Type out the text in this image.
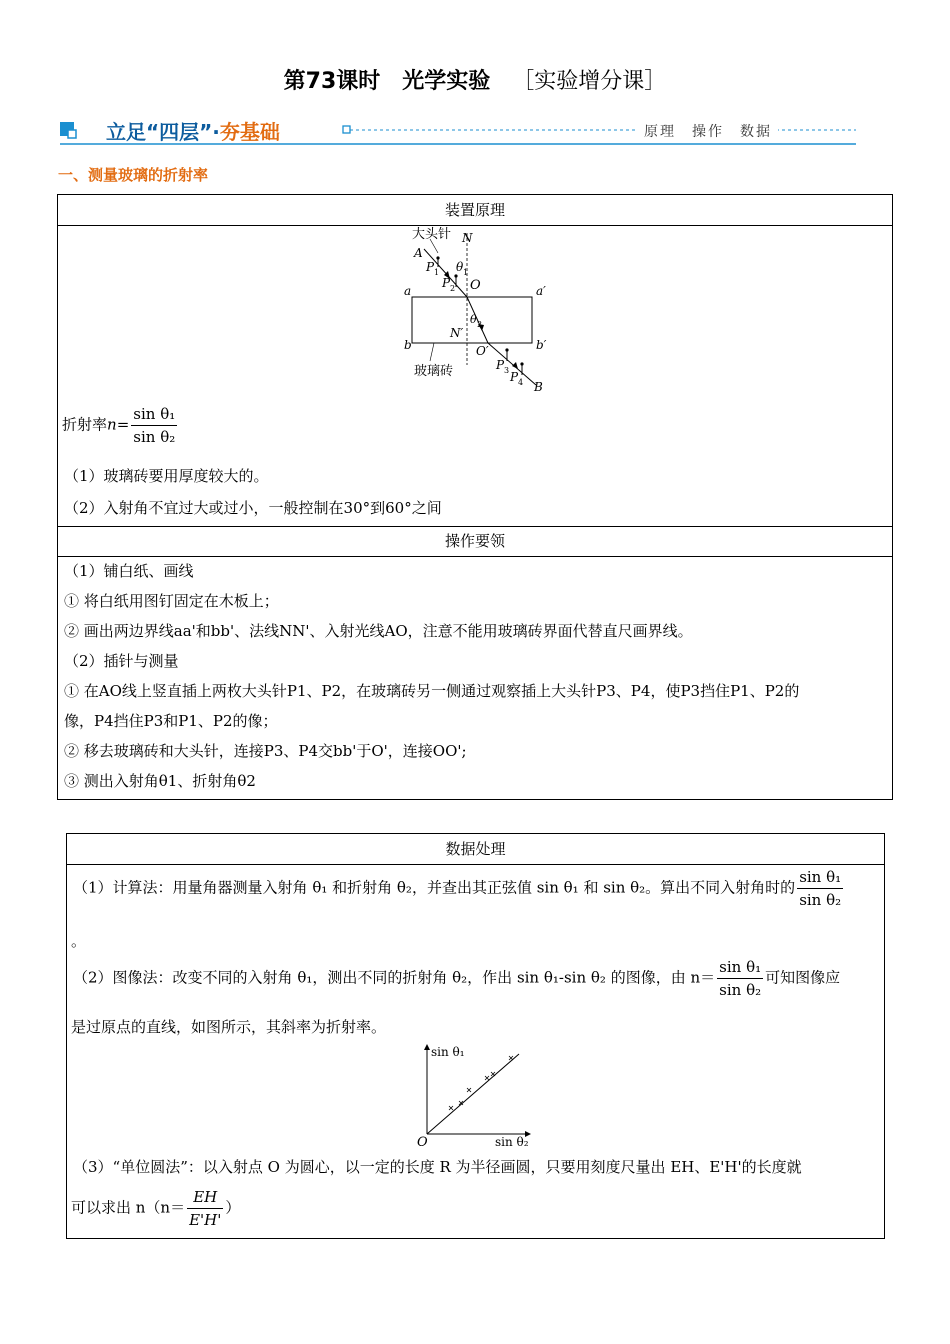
第73课时　光学实验 ［实验增分课］
立足“四层”·夯基础	原理　操作　数据
一、测量玻璃的折射率
装置原理
大头针 N
A
P 1 θ 1
P 2 O
a	a′
b	b′
N′
θ 2
O′
P 3 P 4 B
玻璃砖
折射率$n= \frac{\text{sin θ₁}}{\text{sin θ₂}}$
（1）玻璃砖要用厚度较大的。
（2）入射角不宜过大或过小，一般控制在30°到60°之间
操作要领
（1）铺白纸、画线
① 将白纸用图钉固定在木板上；
② 画出两边界线aa'和bb'、法线NN'、入射光线AO，注意不能用玻璃砖界面代替直尺画界线。
（2）插针与测量
① 在AO线上竖直插上两枚大头针P1、P2，在玻璃砖另一侧通过观察插上大头针P3、P4，使P3挡住P1、P2的
像，P4挡住P3和P1、P2的像；
② 移去玻璃砖和大头针，连接P3、P4交bb'于O'，连接OO';
③ 测出入射角θ1、折射角θ2
数据处理
（1）计算法：用量角器测量入射角 θ₁ 和折射角 θ₂，并查出其正弦值 sin θ₁ 和 sin θ₂。算出不同入射角时的 $\frac{\text{sin θ₁}}{\text{sin θ₂}}$
。
（2）图像法：改变不同的入射角 θ₁，测出不同的折射角 θ₂，作出 sin θ₁-sin θ₂ 的图像，由 $n= \frac{\text{sin θ₁}}{\text{sin θ₂}}$ 可知图像应
是过原点的直线，如图所示，其斜率为折射率。
sin θ₁
sin θ₂
O
（3）“单位圆法”：以入射点 O 为圆心，以一定的长度 R 为半径画圆，只要用刻度尺量出 EH、E'H'的长度就
可以求出 $n(n= \frac{EH}{E'H'}$ ）
